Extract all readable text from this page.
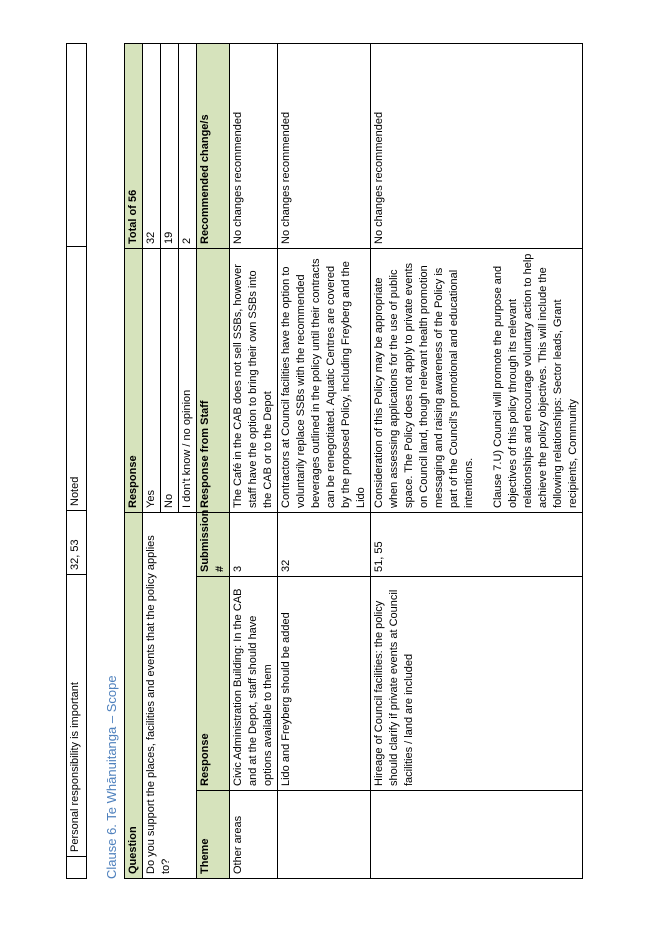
	Personal responsibility is important	32, 53	Noted	
Clause 6. Te Whānuitanga – Scope Question			Response	Total of 56
Do you support the places, facilities and events that the policy applies to?			Yes	32
			No	19
			I don't know / no opinion	2
Theme	Response	Submission #	Response from Staff	Recommended change/s
Other areas	Civic Administration Building: In the CAB and at the Depot, staff should have options available to them	3	The Café in the CAB does not sell SSBs, however staff have the option to bring their own SSBs into the CAB or to the Depot	No changes recommended
	Lido and Freyberg should be added	32	Contractors at Council facilities have the option to voluntarily replace SSBs with the recommended beverages outlined in the policy until their contracts can be renegotiated. Aquatic Centres are covered by the proposed Policy, including Freyberg and the Lido	No changes recommended
	Hireage of Council facilities: the policy should clarify if private events at Council facilities / land are included	51, 55	Consideration of this Policy may be appropriate when assessing applications for the use of public space. The Policy does not apply to private events on Council land, though relevant health promotion messaging and raising awareness of the Policy is part of the Council's promotional and educational intentions. Clause 7.U) Council will promote the purpose and objectives of this policy through its relevant relationships and encourage voluntary action to help achieve the policy objectives. This will include the following relationships: Sector leads, Grant recipients, Community	No changes recommended
